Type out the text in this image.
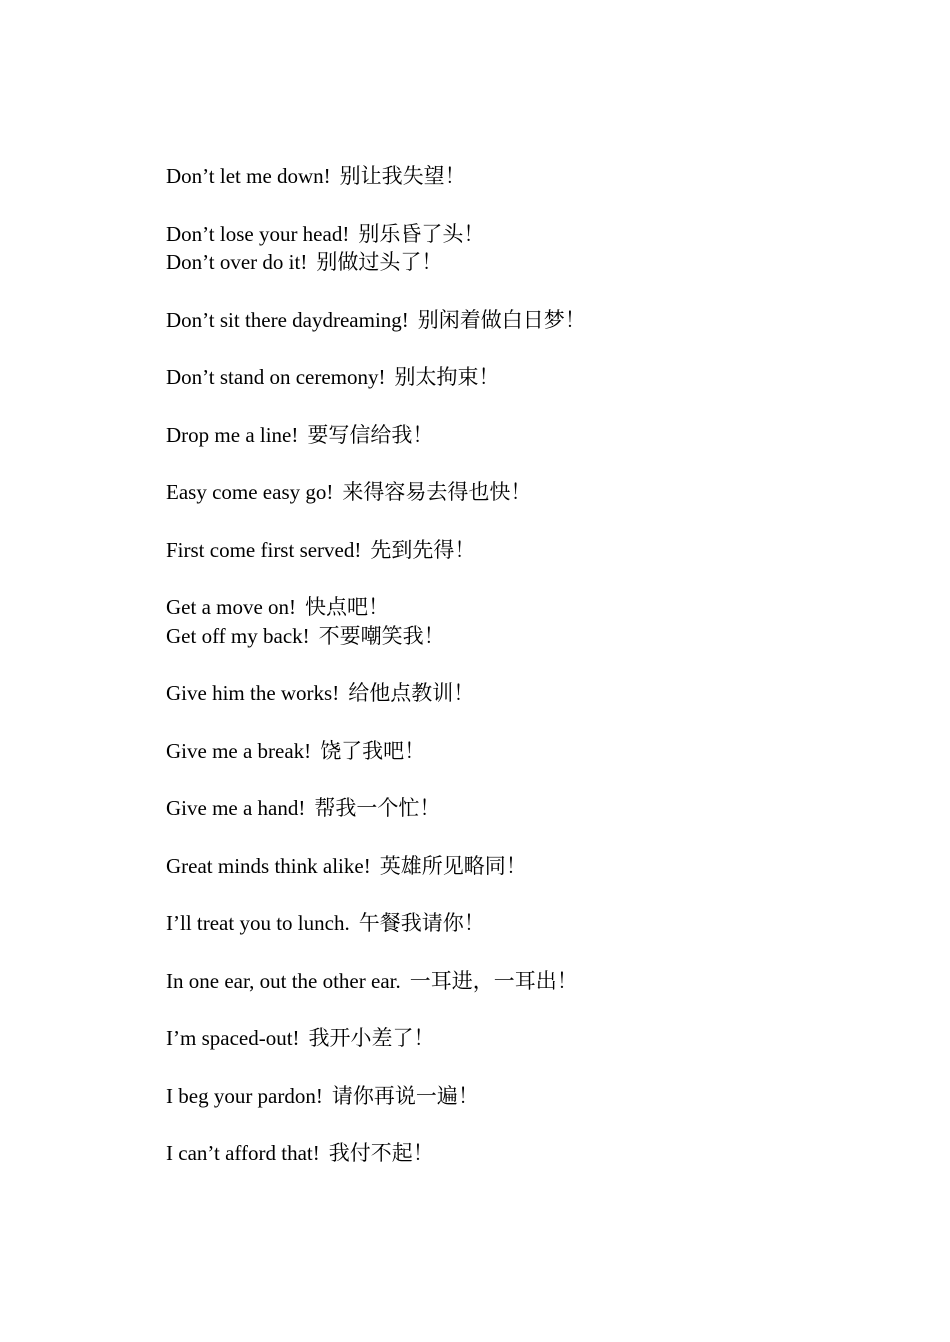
Don’t let me down! 别让我失望！
Don’t lose your head! 别乐昏了头！
Don’t over do it! 别做过头了！
Don’t sit there daydreaming! 别闲着做白日梦！
Don’t stand on ceremony! 别太拘束！
Drop me a line! 要写信给我！
Easy come easy go! 来得容易去得也快！
First come first served! 先到先得！
Get a move on! 快点吧！
Get off my back! 不要嘲笑我！
Give him the works! 给他点教训！
Give me a break! 饶了我吧！
Give me a hand! 帮我一个忙！
Great minds think alike! 英雄所见略同！
I’ll treat you to lunch. 午餐我请你！
In one ear, out the other ear. 一耳进，一耳出！
I’m spaced-out! 我开小差了！
I beg your pardon! 请你再说一遍！
I can’t afford that! 我付不起！
